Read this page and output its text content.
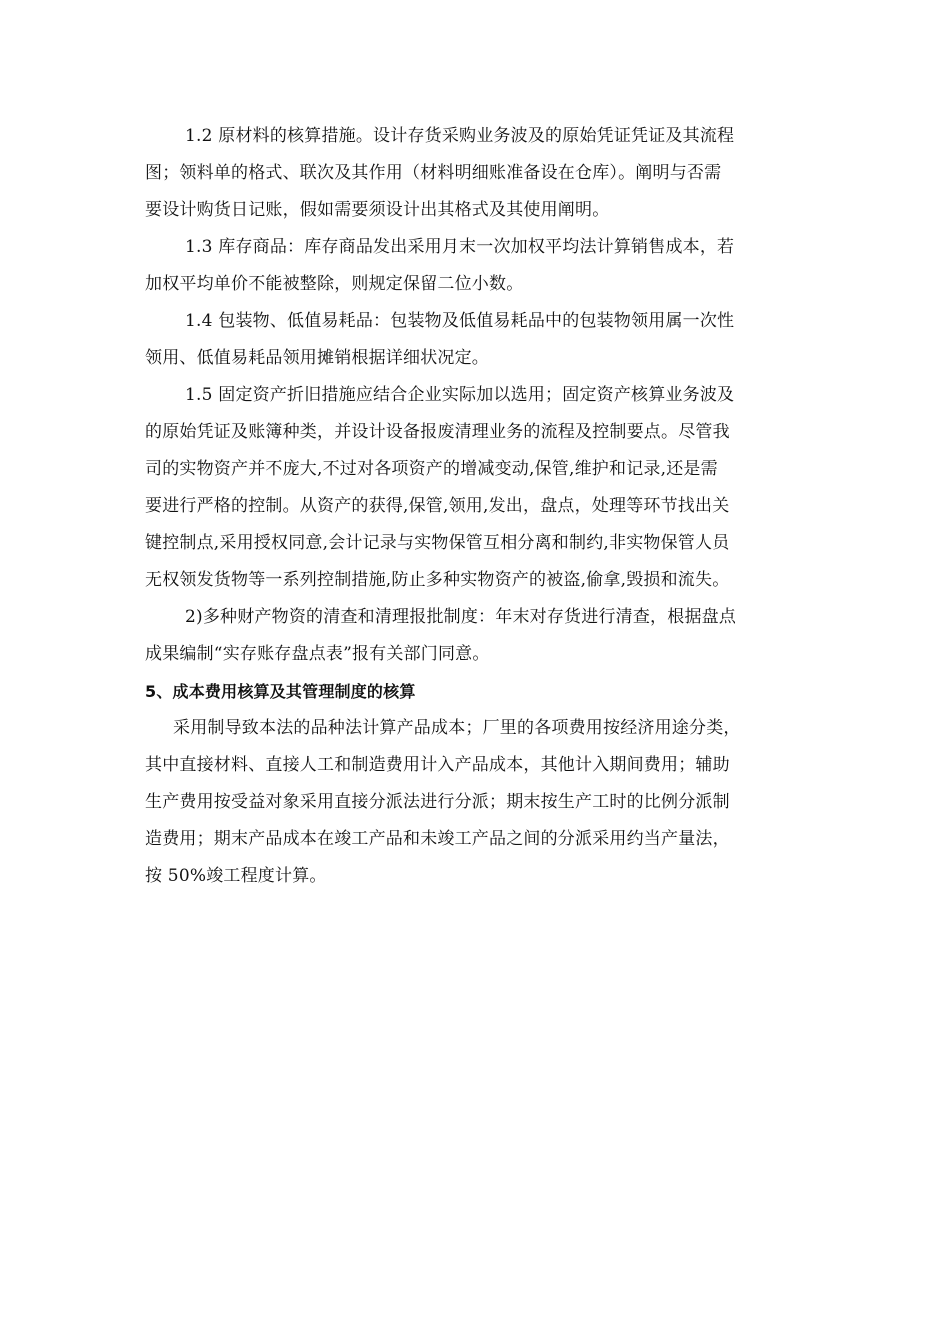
1.2 原材料的核算措施。设计存货采购业务波及的原始凭证凭证及其流程
图；领料单的格式、联次及其作用（材料明细账准备设在仓库）。阐明与否需
要设计购货日记账，假如需要须设计出其格式及其使用阐明。
1.3 库存商品：库存商品发出采用月末一次加权平均法计算销售成本，若
加权平均单价不能被整除，则规定保留二位小数。
1.4 包装物、低值易耗品：包装物及低值易耗品中的包装物领用属一次性
领用、低值易耗品领用摊销根据详细状况定。
1.5 固定资产折旧措施应结合企业实际加以选用；固定资产核算业务波及
的原始凭证及账簿种类，并设计设备报废清理业务的流程及控制要点。尽管我
司的实物资产并不庞大,不过对各项资产的增减变动,保管,维护和记录,还是需
要进行严格的控制。从资产的获得,保管,领用,发出，盘点，处理等环节找出关
键控制点,采用授权同意,会计记录与实物保管互相分离和制约,非实物保管人员
无权领发货物等一系列控制措施,防止多种实物资产的被盗,偷拿,毁损和流失。
2)多种财产物资的清查和清理报批制度：年末对存货进行清查，根据盘点
成果编制“实存账存盘点表”报有关部门同意。
5、成本费用核算及其管理制度的核算
采用制导致本法的品种法计算产品成本；厂里的各项费用按经济用途分类，
其中直接材料、直接人工和制造费用计入产品成本，其他计入期间费用；辅助
生产费用按受益对象采用直接分派法进行分派；期末按生产工时的比例分派制
造费用；期末产品成本在竣工产品和未竣工产品之间的分派采用约当产量法，
按 50%竣工程度计算。
